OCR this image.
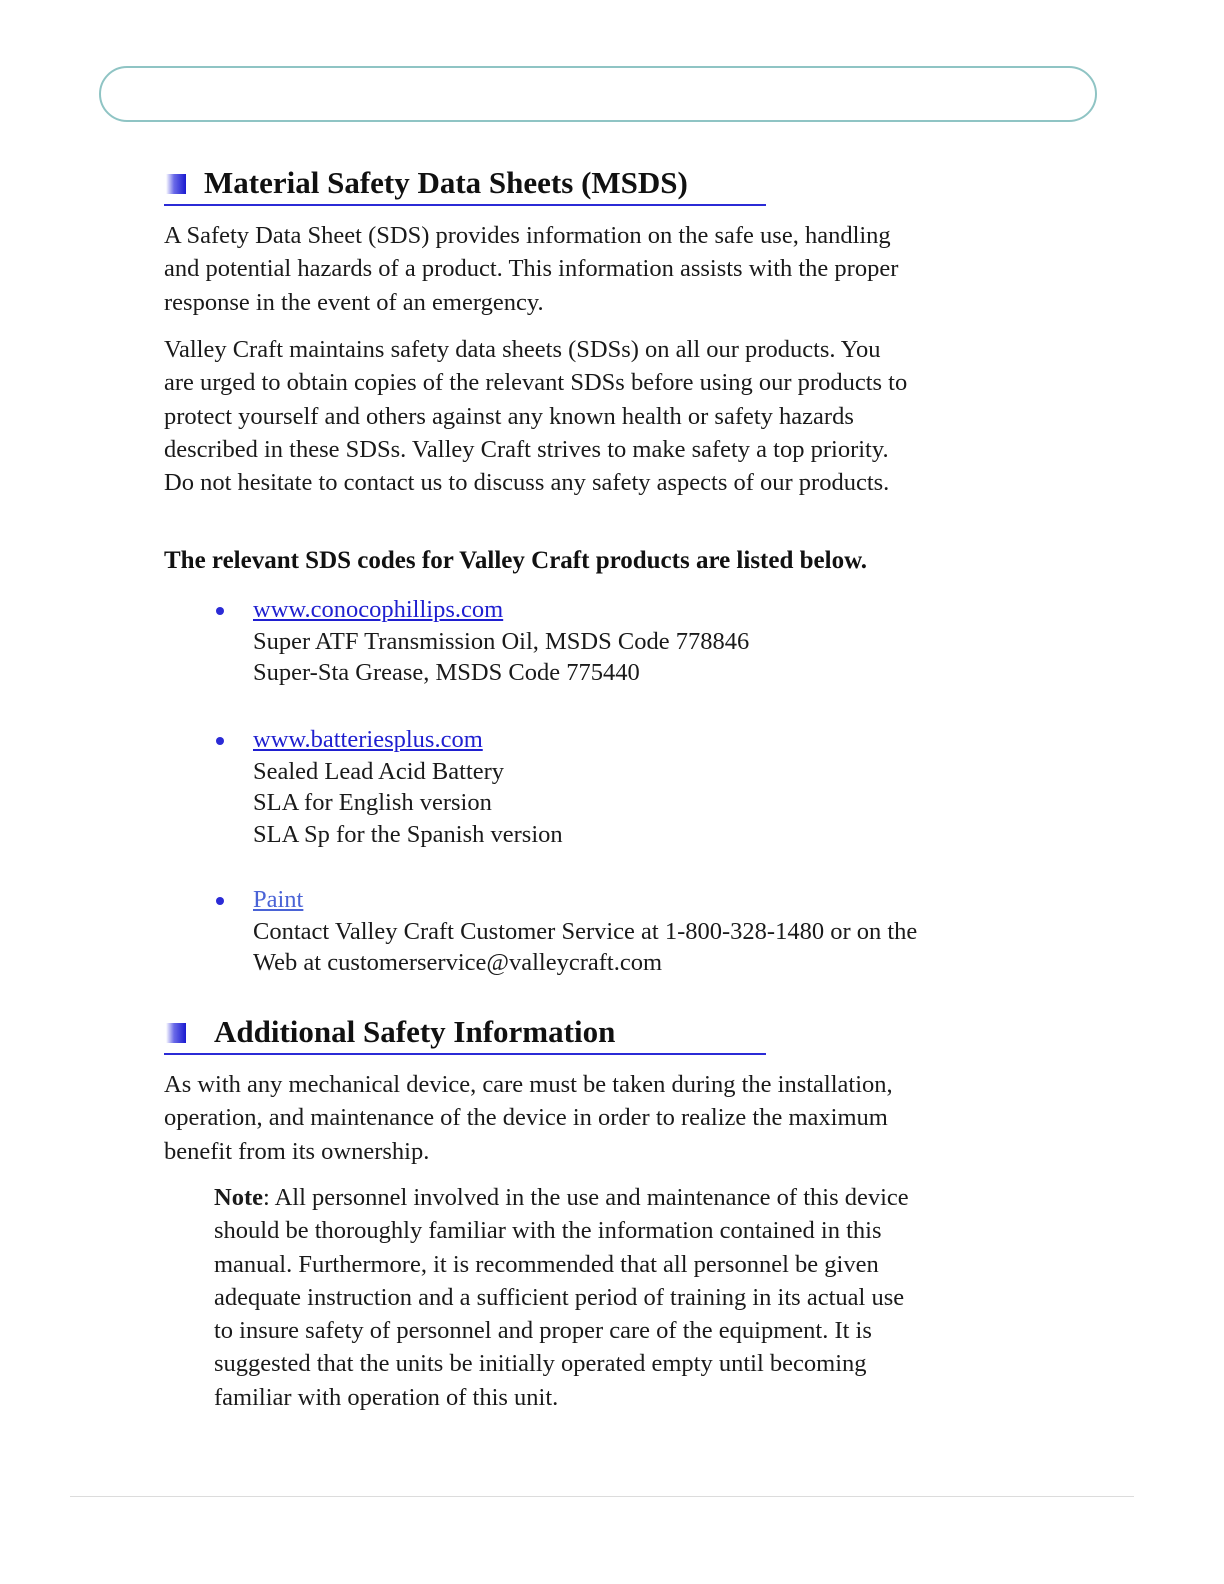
Material Safety Data Sheets (MSDS)
A Safety Data Sheet (SDS) provides information on the safe use, handling
and potential hazards of a product. This information assists with the proper
response in the event of an emergency.
Valley Craft maintains safety data sheets (SDSs) on all our products. You
are urged to obtain copies of the relevant SDSs before using our products to
protect yourself and others against any known health or safety hazards
described in these SDSs. Valley Craft strives to make safety a top priority.
Do not hesitate to contact us to discuss any safety aspects of our products.

The relevant SDS codes for Valley Craft products are listed below.

www.conocophillips.com
Super ATF Transmission Oil, MSDS Code 778846
Super-Sta Grease, MSDS Code 775440
www.batteriesplus.com
Sealed Lead Acid Battery
SLA for English version
SLA Sp for the Spanish version
Paint
Contact Valley Craft Customer Service at 1-800-328-1480 or on the
Web at customerservice@valleycraft.com
Additional Safety Information
As with any mechanical device, care must be taken during the installation,
operation, and maintenance of the device in order to realize the maximum
benefit from its ownership.
Note: All personnel involved in the use and maintenance of this device
should be thoroughly familiar with the information contained in this
manual. Furthermore, it is recommended that all personnel be given
adequate instruction and a sufficient period of training in its actual use
to insure safety of personnel and proper care of the equipment. It is
suggested that the units be initially operated empty until becoming
familiar with operation of this unit.
